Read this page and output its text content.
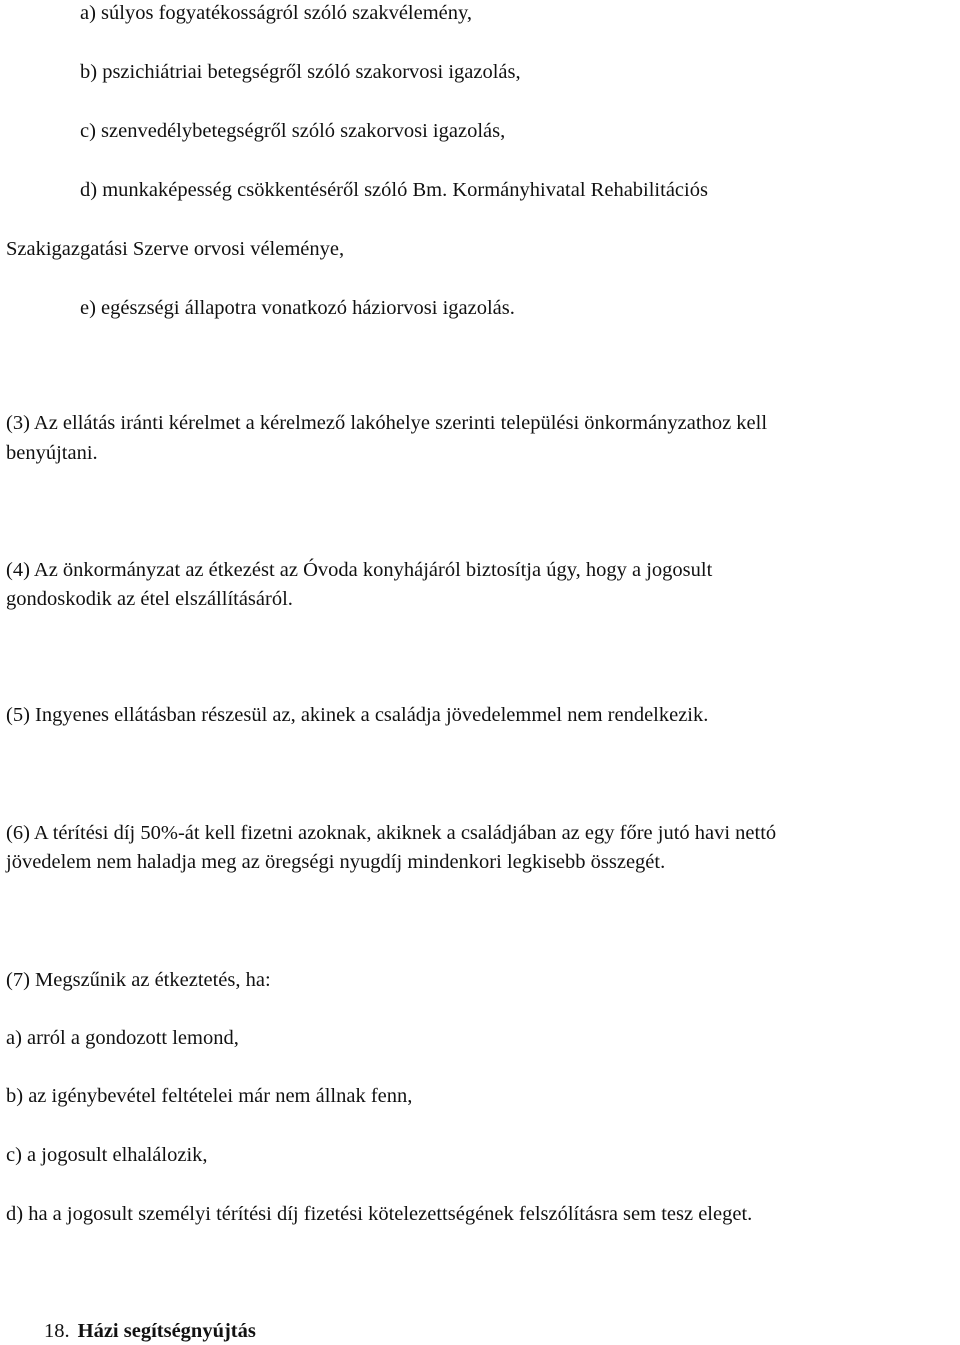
a) súlyos fogyatékosságról szóló szakvélemény,
b) pszichiátriai betegségről szóló szakorvosi igazolás,
c) szenvedélybetegségről szóló szakorvosi igazolás,
d) munkaképesség csökkentéséről szóló Bm. Kormányhivatal Rehabilitációs
Szakigazgatási Szerve orvosi véleménye,
e) egészségi állapotra vonatkozó háziorvosi igazolás.
(3) Az ellátás iránti kérelmet a kérelmező lakóhelye szerinti települési önkormányzathoz kell
benyújtani.
(4) Az önkormányzat az étkezést az Óvoda konyhájáról biztosítja úgy, hogy a jogosult
gondoskodik az étel elszállításáról.
(5) Ingyenes ellátásban részesül az, akinek a családja jövedelemmel nem rendelkezik.
(6) A térítési díj 50%-át kell fizetni azoknak, akiknek a családjában az egy főre jutó havi nettó
jövedelem nem haladja meg az öregségi nyugdíj mindenkori legkisebb összegét.
(7) Megszűnik az étkeztetés, ha:
a) arról a gondozott lemond,
b) az igénybevétel feltételei már nem állnak fenn,
c) a jogosult elhalálozik,
d) ha a jogosult személyi térítési díj fizetési kötelezettségének felszólításra sem tesz eleget.
18. Házi segítségnyújtás
